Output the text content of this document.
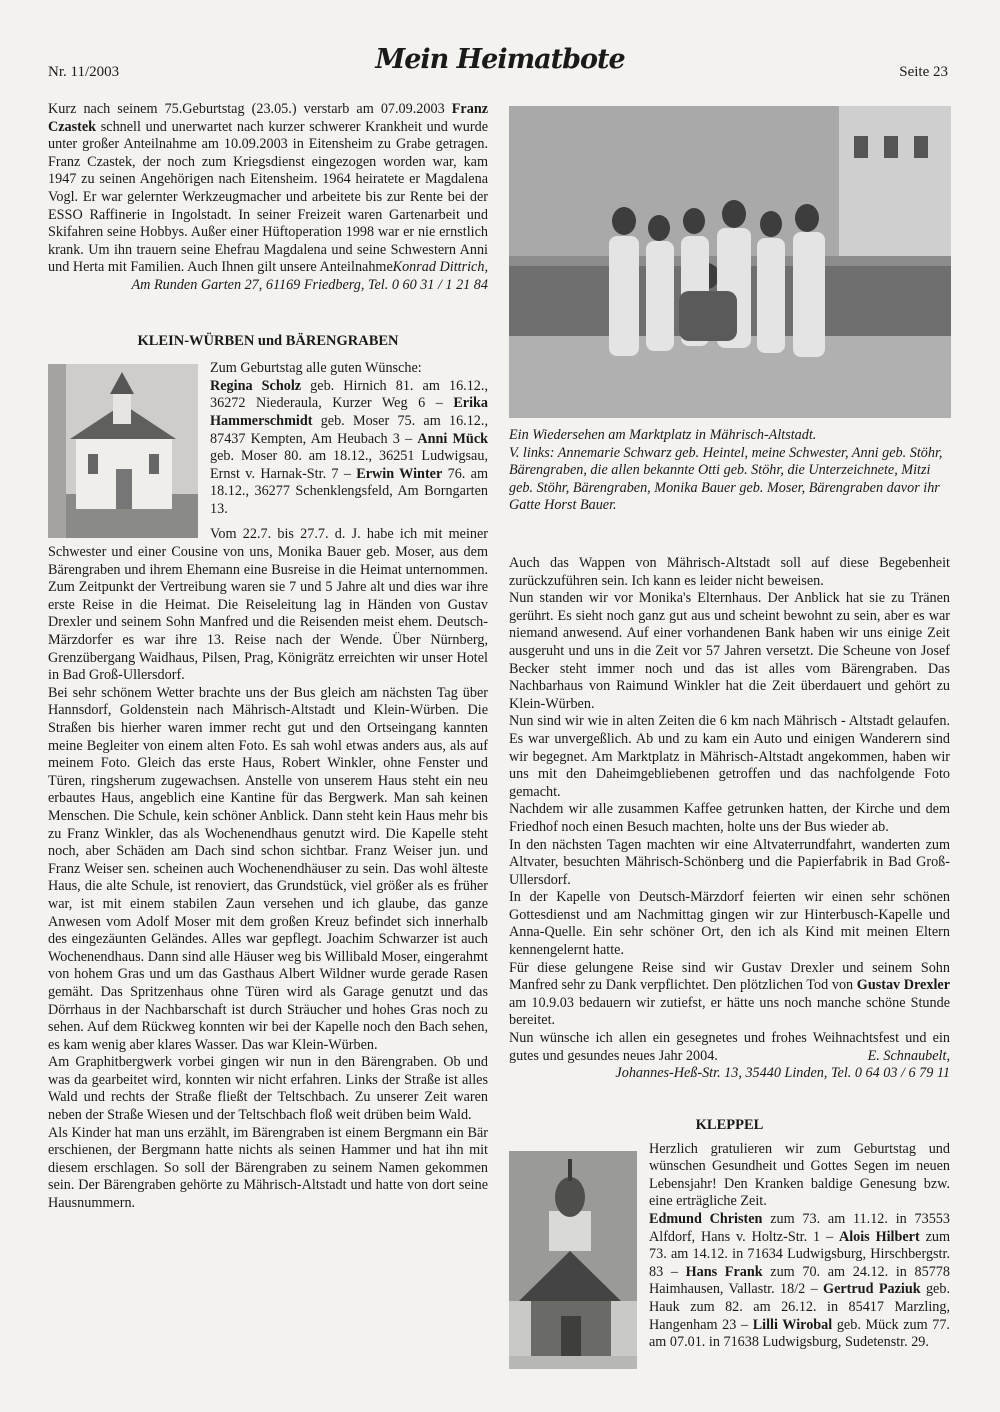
Nr. 11/2003	Mein Heimatbote	Seite 23

Kurz nach seinem 75.Geburtstag (23.05.) verstarb am 07.09.2003 Franz Czastek schnell und unerwartet nach kurzer schwerer Krankheit und wurde unter großer Anteilnahme am 10.09.2003 in Eitensheim zu Grabe getragen. Franz Czastek, der noch zum Kriegsdienst eingezogen worden war, kam 1947 zu seinen Angehörigen nach Eitensheim. 1964 heiratete er Magdalena Vogl. Er war gelernter Werkzeugmacher und arbeitete bis zur Rente bei der ESSO Raffinerie in Ingolstadt. In seiner Freizeit waren Gartenarbeit und Skifahren seine Hobbys. Außer einer Hüftoperation 1998 war er nie ernstlich krank. Um ihn trauern seine Ehefrau Magdalena und seine Schwestern Anni und Herta mit Familien. Auch Ihnen gilt unsere Anteilnahme.

Konrad Dittrich,

Am Runden Garten 27, 61169 Friedberg, Tel. 0 60 31 / 1 21 84

KLEIN-WÜRBEN und BÄRENGRABEN

Zum Geburtstag alle guten Wünsche:

Regina Scholz geb. Hirnich 81. am 16.12., 36272 Niederaula, Kurzer Weg 6 – Erika Hammerschmidt geb. Moser 75. am 16.12., 87437 Kempten, Am Heubach 3 – Anni Mück geb. Moser 80. am 18.12., 36251 Ludwigsau, Ernst v. Harnak-Str. 7 – Erwin Winter 76. am 18.12., 36277 Schenklengsfeld, Am Borngarten 13.

Vom 22.7. bis 27.7. d. J. habe ich mit meiner Schwester und einer Cousine von uns, Monika Bauer geb. Moser, aus dem Bärengraben und ihrem Ehemann eine Busreise in die Heimat unternommen. Zum Zeitpunkt der Vertreibung waren sie 7 und 5 Jahre alt und dies war ihre erste Reise in die Heimat. Die Reiseleitung lag in Händen von Gustav Drexler und seinem Sohn Manfred und die Reisenden meist ehem. Deutsch-Märzdorfer es war ihre 13. Reise nach der Wende. Über Nürnberg, Grenzübergang Waidhaus, Pilsen, Prag, Königrätz erreichten wir unser Hotel in Bad Groß-Ullersdorf.

Bei sehr schönem Wetter brachte uns der Bus gleich am nächsten Tag über Hannsdorf, Goldenstein nach Mährisch-Altstadt und Klein-Würben. Die Straßen bis hierher waren immer recht gut und den Ortseingang kannten meine Begleiter von einem alten Foto. Es sah wohl etwas anders aus, als auf meinem Foto. Gleich das erste Haus, Robert Winkler, ohne Fenster und Türen, ringsherum zugewachsen. Anstelle von unserem Haus steht ein neu erbautes Haus, angeblich eine Kantine für das Bergwerk. Man sah keinen Menschen. Die Schule, kein schöner Anblick. Dann steht kein Haus mehr bis zu Franz Winkler, das als Wochenendhaus genutzt wird. Die Kapelle steht noch, aber Schäden am Dach sind schon sichtbar. Franz Weiser jun. und Franz Weiser sen. scheinen auch Wochenendhäuser zu sein. Das wohl älteste Haus, die alte Schule, ist renoviert, das Grundstück, viel größer als es früher war, ist mit einem stabilen Zaun versehen und ich glaube, das ganze Anwesen vom Adolf Moser mit dem großen Kreuz befindet sich innerhalb des eingezäunten Geländes. Alles war gepflegt. Joachim Schwarzer ist auch Wochenendhaus. Dann sind alle Häuser weg bis Willibald Moser, eingerahmt von hohem Gras und um das Gasthaus Albert Wildner wurde gerade Rasen gemäht. Das Spritzenhaus ohne Türen wird als Garage genutzt und das Dörrhaus in der Nachbarschaft ist durch Sträucher und hohes Gras noch zu sehen. Auf dem Rückweg konnten wir bei der Kapelle noch den Bach sehen, es kam wenig aber klares Wasser. Das war Klein-Würben.

Am Graphitbergwerk vorbei gingen wir nun in den Bärengraben. Ob und was da gearbeitet wird, konnten wir nicht erfahren. Links der Straße ist alles Wald und rechts der Straße fließt der Teltschbach. Zu unserer Zeit waren neben der Straße Wiesen und der Teltschbach floß weit drüben beim Wald.

Als Kinder hat man uns erzählt, im Bärengraben ist einem Bergmann ein Bär erschienen, der Bergmann hatte nichts als seinen Hammer und hat ihn mit diesem erschlagen. So soll der Bärengraben zu seinem Namen gekommen sein. Der Bärengraben gehörte zu Mährisch-Altstadt und hatte von dort seine Hausnummern.

Ein Wiedersehen am Marktplatz in Mährisch-Altstadt.

V. links: Annemarie Schwarz geb. Heintel, meine Schwester, Anni geb. Stöhr, Bärengraben, die allen bekannte Otti geb. Stöhr, die Unterzeichnete, Mitzi geb. Stöhr, Bärengraben, Monika Bauer geb. Moser, Bärengraben davor ihr Gatte Horst Bauer.

Auch das Wappen von Mährisch-Altstadt soll auf diese Begebenheit zurückzuführen sein. Ich kann es leider nicht beweisen.

Nun standen wir vor Monika's Elternhaus. Der Anblick hat sie zu Tränen gerührt. Es sieht noch ganz gut aus und scheint bewohnt zu sein, aber es war niemand anwesend. Auf einer vorhandenen Bank haben wir uns einige Zeit ausgeruht und uns in die Zeit vor 57 Jahren versetzt. Die Scheune von Josef Becker steht immer noch und das ist alles vom Bärengraben. Das Nachbarhaus von Raimund Winkler hat die Zeit überdauert und gehört zu Klein-Würben.

Nun sind wir wie in alten Zeiten die 6 km nach Mährisch - Altstadt gelaufen. Es war unvergeßlich. Ab und zu kam ein Auto und einigen Wanderern sind wir begegnet. Am Marktplatz in Mährisch-Altstadt angekommen, haben wir uns mit den Daheimgebliebenen getroffen und das nachfolgende Foto gemacht.

Nachdem wir alle zusammen Kaffee getrunken hatten, der Kirche und dem Friedhof noch einen Besuch machten, holte uns der Bus wieder ab.

In den nächsten Tagen machten wir eine Altvaterrundfahrt, wanderten zum Altvater, besuchten Mährisch-Schönberg und die Papierfabrik in Bad Groß-Ullersdorf.

In der Kapelle von Deutsch-Märzdorf feierten wir einen sehr schönen Gottesdienst und am Nachmittag gingen wir zur Hinterbusch-Kapelle und Anna-Quelle. Ein sehr schöner Ort, den ich als Kind mit meinen Eltern kennengelernt hatte.

Für diese gelungene Reise sind wir Gustav Drexler und seinem Sohn Manfred sehr zu Dank verpflichtet. Den plötzlichen Tod von Gustav Drexler am 10.9.03 bedauern wir zutiefst, er hätte uns noch manche schöne Stunde bereitet.

Nun wünsche ich allen ein gesegnetes und frohes Weihnachtsfest und ein gutes und gesundes neues Jahr 2004.	E. Schnaubelt,

Johannes-Heß-Str. 13, 35440 Linden, Tel. 0 64 03 / 6 79 11

KLEPPEL

Herzlich gratulieren wir zum Geburtstag und wünschen Gesundheit und Gottes Segen im neuen Lebensjahr! Den Kranken baldige Genesung bzw. eine erträgliche Zeit.

Edmund Christen zum 73. am 11.12. in 73553 Alfdorf, Hans v. Holtz-Str. 1 – Alois Hilbert zum 73. am 14.12. in 71634 Ludwigsburg, Hirschbergstr. 83 – Hans Frank zum 70. am 24.12. in 85778 Haimhausen, Vallastr. 18/2 – Gertrud Paziuk geb. Hauk zum 82. am 26.12. in 85417 Marzling, Hangenham 23 – Lilli Wirobal geb. Mück zum 77. am 07.01. in 71638 Ludwigsburg, Sudetenstr. 29.
